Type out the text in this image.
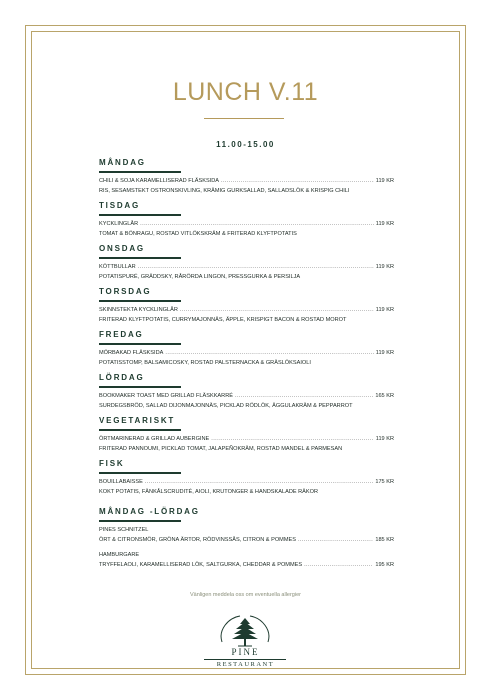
LUNCH V.11
11.00-15.00
MÅNDAG
CHILI & SOJA KARAMELLISERAD FLÄSKSIDA .....	119 KR
RIS, SESAMSTEKT OSTRONSKIVLING, KRÄMIG GURKSALLAD, SALLADSLÖK & KRISPIG CHILI
TISDAG
KYCKLINGLÅR .....	119 KR
TOMAT & BÖNRAGU, ROSTAD VITLÖKSKRÄM & FRITERAD KLYFTPOTATIS
ONSDAG
KÖTTBULLAR .....	119 KR
POTATISPURÉ, GRÄDDSKY, RÅRÖRDA LINGON, PRESSGURKA & PERSILJA
TORSDAG
SKINNSTEKTA KYCKLINGLÅR .....	119 KR
FRITERAD KLYFTPOTATIS, CURRYMAJONNÄS, ÄPPLE, KRISPIGT BACON & ROSTAD MOROT
FREDAG
MÖRBAKAD FLÄSKSIDA .....	119 KR
POTATISSTOMP, BALSAMICOSKY, ROSTAD PALSTERNACKA & GRÄSLÖKSAIOLI
LÖRDAG
BOOKMAKER TOAST MED GRILLAD FLÄSKKARRÉ .....	165 KR
SURDEGSBRÖD, SALLAD DIJONMAJONNÄS, PICKLAD RÖDLÖK, ÄGGULAKRÄM & PEPPARROT
VEGETARISKT
ÖRTMARINERAD & GRILLAD AUBERGINE .....	119 KR
FRITERAD PANNOUMI, PICKLAD TOMAT, JALAPEÑOKRÄM, ROSTAD MANDEL & PARMESAN
FISK
BOUILLABAISSE .....	175 KR
KOKT POTATIS, FÄNKÅLSCRUDITÉ, AIOLI, KRUTONGER & HANDSKALADE RÄKOR
MÅNDAG -LÖRDAG
PINES SCHNITZEL
ÖRT & CITRONSMÖR, GRÖNA ÄRTOR, RÖDVINSSÅS, CITRON & POMMES .....	185 KR
HAMBURGARE
TRYFFELAOLI, KARAMELLISERAD LÖK, SALTGURKA, CHEDDAR & POMMES .....	195 KR
Vänligen meddela oss om eventuella allergier
PINE
RESTAURANT
